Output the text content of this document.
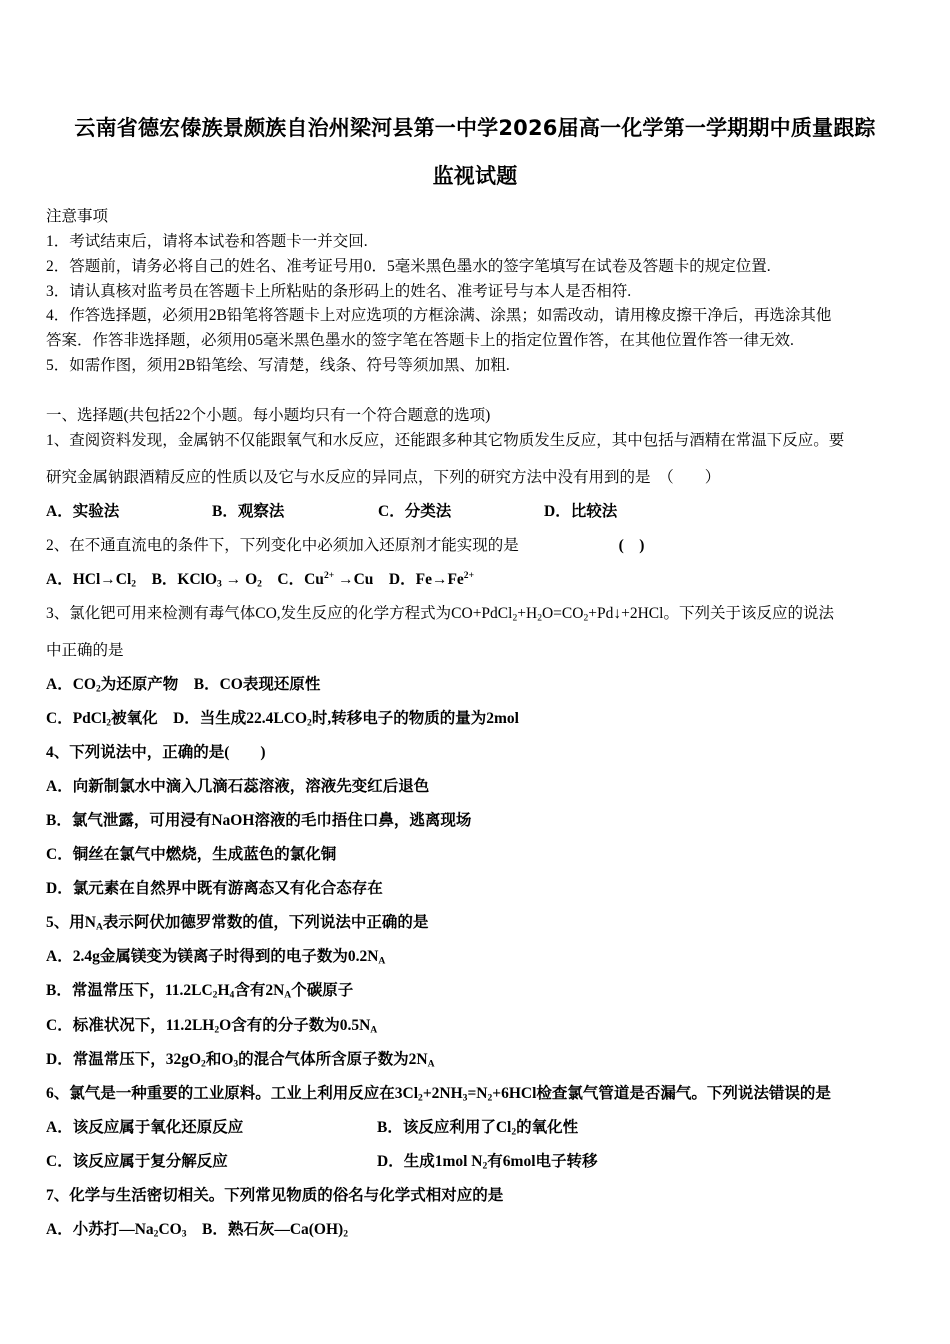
云南省德宏傣族景颇族自治州梁河县第一中学2026届高一化学第一学期期中质量跟踪
监视试题
注意事项
1．考试结束后，请将本试卷和答题卡一并交回.
2．答题前，请务必将自己的姓名、准考证号用0．5毫米黑色墨水的签字笔填写在试卷及答题卡的规定位置.
3．请认真核对监考员在答题卡上所粘贴的条形码上的姓名、准考证号与本人是否相符.
4．作答选择题，必须用2B铅笔将答题卡上对应选项的方框涂满、涂黑；如需改动，请用橡皮擦干净后，再选涂其他
答案．作答非选择题，必须用05毫米黑色墨水的签字笔在答题卡上的指定位置作答，在其他位置作答一律无效.
5．如需作图，须用2B铅笔绘、写清楚，线条、符号等须加黑、加粗.
一、选择题(共包括22个小题。每小题均只有一个符合题意的选项)
1、查阅资料发现，金属钠不仅能跟氧气和水反应，还能跟多种其它物质发生反应，其中包括与酒精在常温下反应。要
研究金属钠跟酒精反应的性质以及它与水反应的异同点，下列的研究方法中没有用到的是　（　　）
A．实验法	B．观察法	C．分类法	D．比较法
2、在不通直流电的条件下，下列变化中必须加入还原剂才能实现的是	(　)
A．$HCl\to Cl_2$ B．KClO$_3$ → $O_2$ C．$Cu^{2+} \to Cu$ D．$Fe\to Fe^{2+}$
3、氯化钯可用来检测有毒气体CO,发生反应的化学方程式为$CO+PdCl_2+H_2O=CO_2+Pd↓+2HCl$。下列关于该反应的说法
中正确的是
A．$CO_2$为还原产物 B．CO表现还原性
C．PdCl$_2$被氧化 D．当生成$22.4LCO_2$时,转移电子的物质的量为2mol
4、下列说法中，正确的是(　　)
A．向新制氯水中滴入几滴石蕊溶液，溶液先变红后退色
B．氯气泄露，可用浸有NaOH溶液的毛巾捂住口鼻，逃离现场
C．铜丝在氯气中燃烧，生成蓝色的氯化铜
D．氯元素在自然界中既有游离态又有化合态存在
5、用$N_A$表示阿伏加德罗常数的值，下列说法中正确的是
A．2.4g金属镁变为镁离子时得到的电子数为$0.2N_A$
B．常温常压下，$11.2LC_2H_4$含有$2N_A$个碳原子
C．标准状况下，$11.2LH_2O$含有的分子数为$0.5N_A$
D．常温常压下，$32gO_2$和$O_3$的混合气体所含原子数为$2N_A$
6、氯气是一种重要的工业原料。工业上利用反应在$3Cl_2+2NH_3=N_2+6HCl$检查氯气管道是否漏气。下列说法错误的是
A．该反应属于氧化还原反应	B．该反应利用了$Cl_2$的氧化性
C．该反应属于复分解反应	D．生成1mol $N_2$有6mol电子转移
7、化学与生活密切相关。下列常见物质的俗名与化学式相对应的是
A．小苏打$—Na_2CO_3$ B．熟石灰$—Ca(OH)_2$
